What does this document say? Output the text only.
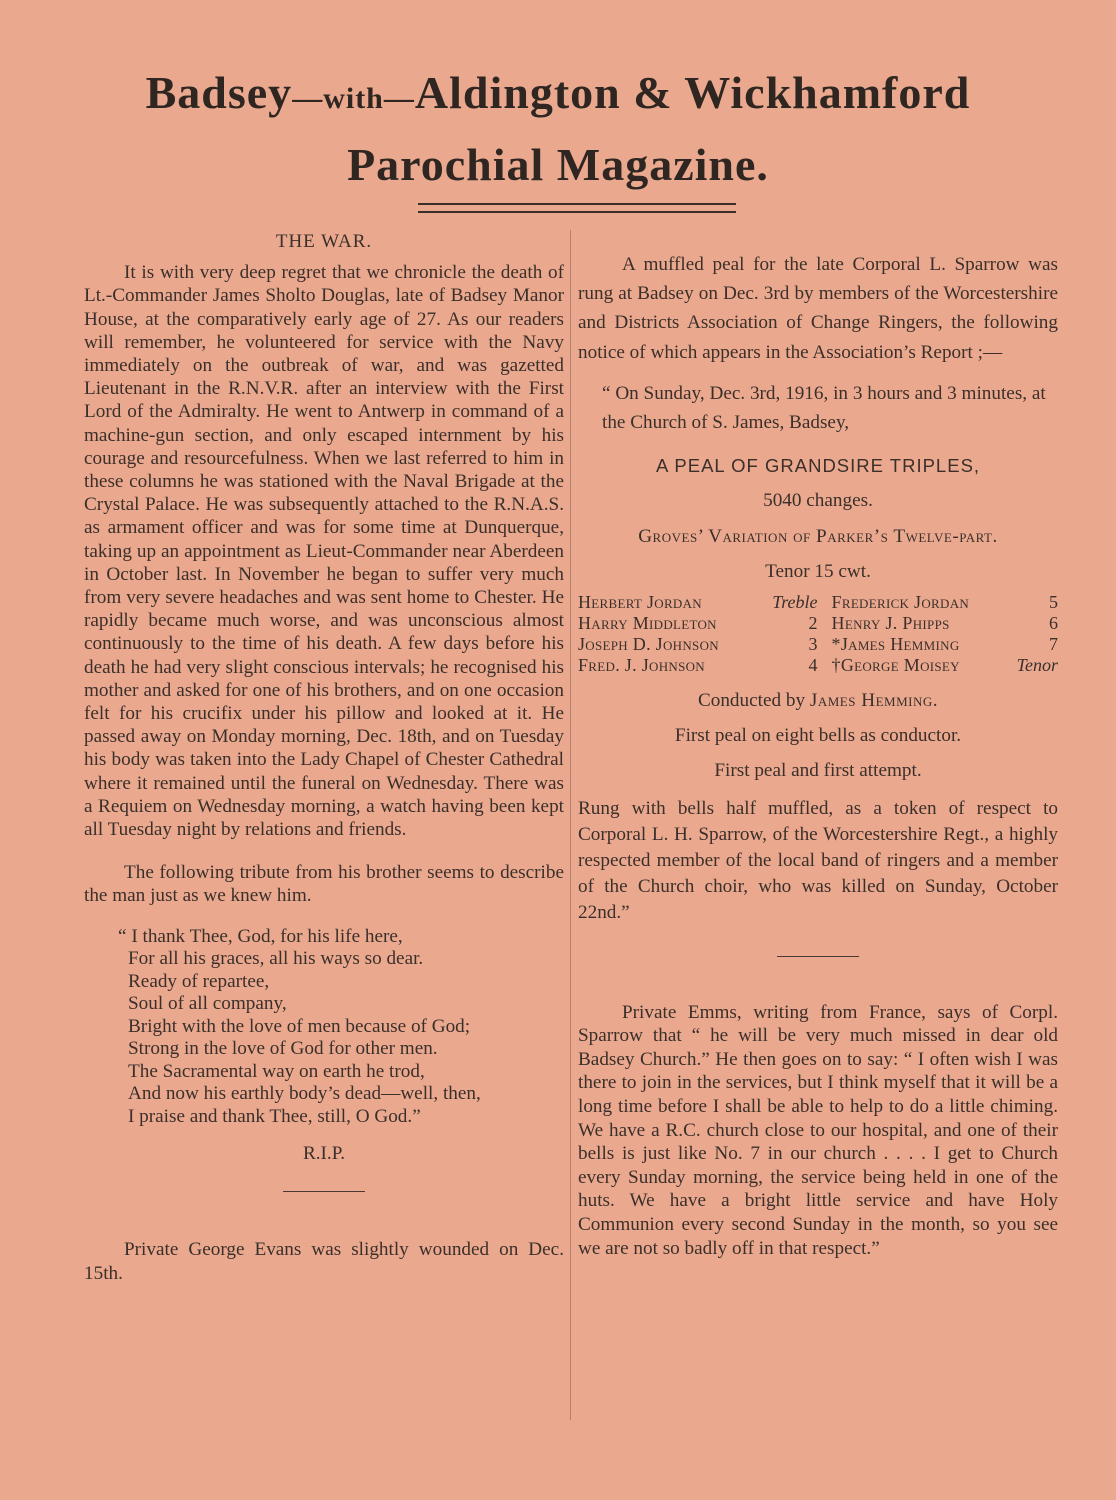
Badsey—with—Aldington & Wickhamford
Parochial Magazine.
THE WAR.

It is with very deep regret that we chronicle the death of Lt.-Commander James Sholto Douglas, late of Badsey Manor House, at the comparatively early age of 27. As our readers will remember, he volunteered for service with the Navy immediately on the outbreak of war, and was gazetted Lieutenant in the R.N.V.R. after an interview with the First Lord of the Admiralty. He went to Antwerp in command of a machine-gun section, and only escaped internment by his courage and resourcefulness. When we last referred to him in these columns he was stationed with the Naval Brigade at the Crystal Palace. He was subsequently attached to the R.N.A.S. as armament officer and was for some time at Dunquerque, taking up an appointment as Lieut-Commander near Aberdeen in October last. In November he began to suffer very much from very severe headaches and was sent home to Chester. He rapidly became much worse, and was unconscious almost continuously to the time of his death. A few days before his death he had very slight conscious intervals; he recognised his mother and asked for one of his brothers, and on one occasion felt for his crucifix under his pillow and looked at it. He passed away on Monday morning, Dec. 18th, and on Tuesday his body was taken into the Lady Chapel of Chester Cathedral where it remained until the funeral on Wednesday. There was a Requiem on Wednesday morning, a watch having been kept all Tuesday night by relations and friends.

The following tribute from his brother seems to describe the man just as we knew him.

“ I thank Thee, God, for his life here,
For all his graces, all his ways so dear.
Ready of repartee,
Soul of all company,
Bright with the love of men because of God;
Strong in the love of God for other men.
The Sacramental way on earth he trod,
And now his earthly body’s dead—well, then,
I praise and thank Thee, still, O God.”
R.I.P.

Private George Evans was slightly wounded on Dec. 15th.

A muffled peal for the late Corporal L. Sparrow was rung at Badsey on Dec. 3rd by members of the Worcestershire and Districts Association of Change Ringers, the following notice of which appears in the Association’s Report ;—

“ On Sunday, Dec. 3rd, 1916, in 3 hours and 3 minutes, at the Church of S. James, Badsey,

A PEAL OF GRANDSIRE TRIPLES,
5040 changes.
Groves’ Variation of Parker’s Twelve-part.
Tenor 15 cwt.
Herbert Jordan	Treble	Frederick Jordan	5
Harry Middleton	2	Henry J. Phipps	6
Joseph D. Johnson	3	*James Hemming	7
Fred. J. Johnson	4	†George Moisey	Tenor
Conducted by James Hemming.
First peal on eight bells as conductor.
First peal and first attempt.

Rung with bells half muffled, as a token of respect to Corporal L. H. Sparrow, of the Worcestershire Regt., a highly respected member of the local band of ringers and a member of the Church choir, who was killed on Sunday, October 22nd.”

Private Emms, writing from France, says of Corpl. Sparrow that “ he will be very much missed in dear old Badsey Church.” He then goes on to say: “ I often wish I was there to join in the services, but I think myself that it will be a long time before I shall be able to help to do a little chiming. We have a R.C. church close to our hospital, and one of their bells is just like No. 7 in our church . . . . I get to Church every Sunday morning, the service being held in one of the huts. We have a bright little service and have Holy Communion every second Sunday in the month, so you see we are not so badly off in that respect.”
